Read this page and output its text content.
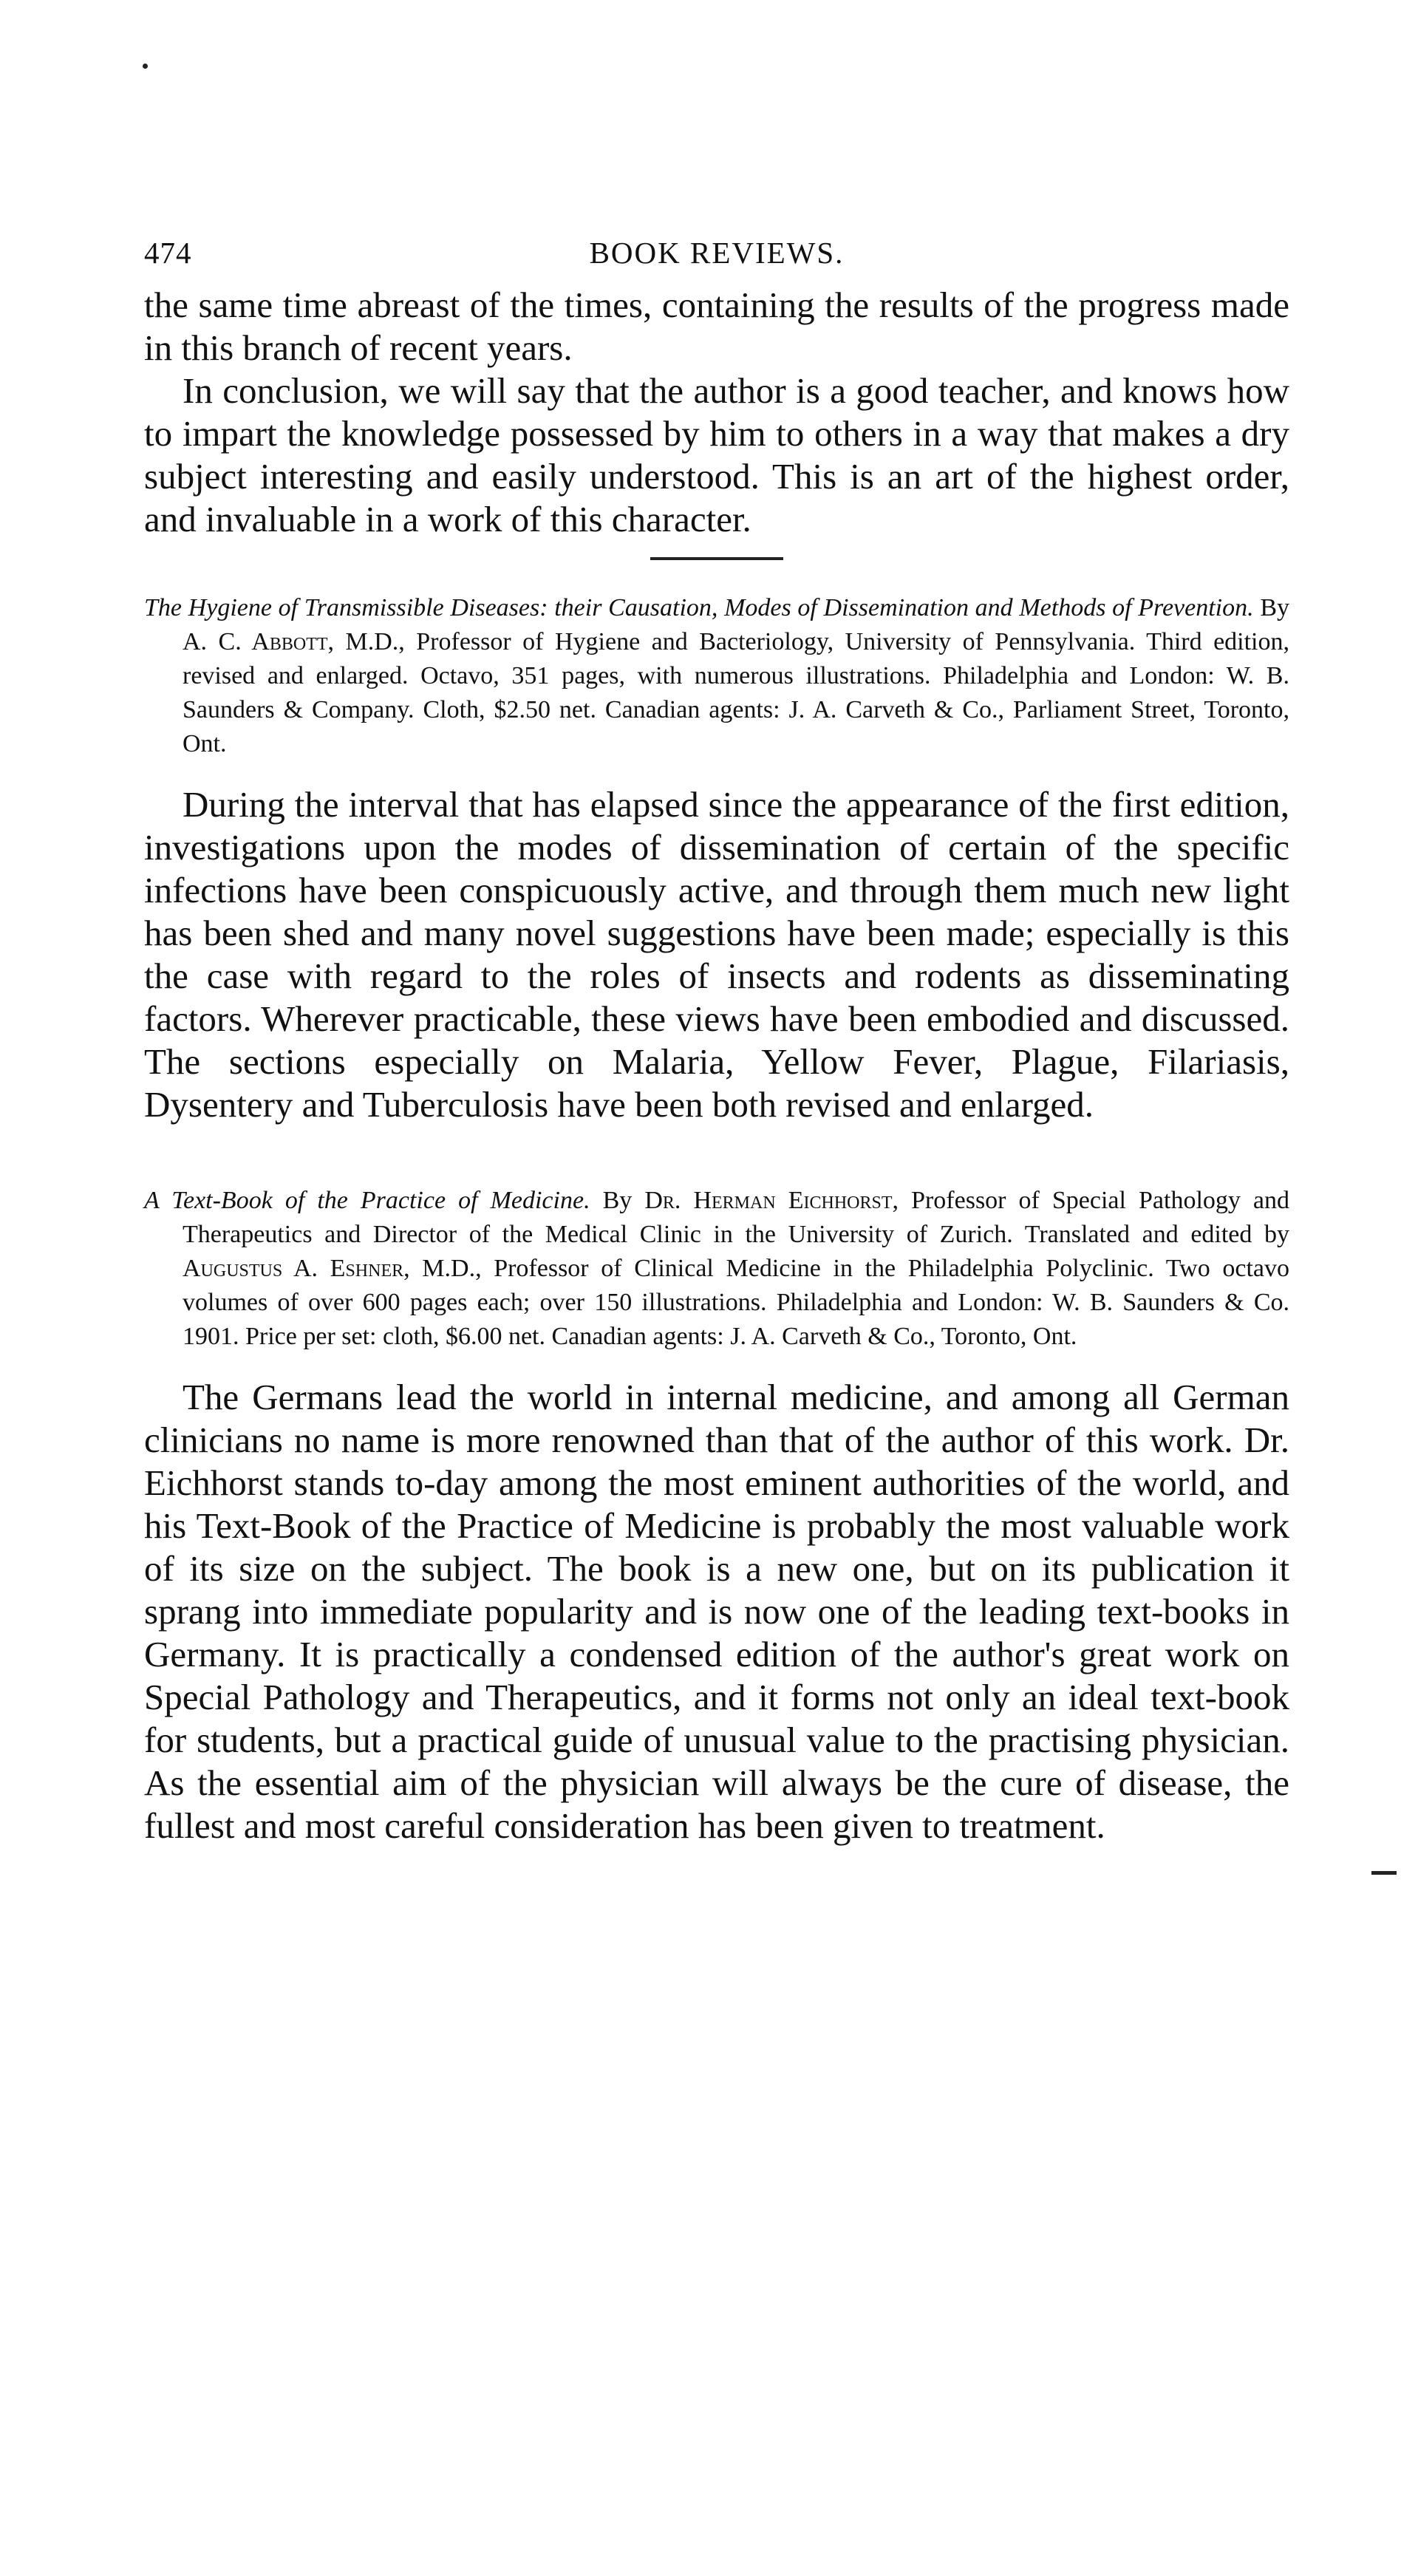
474	BOOK REVIEWS.

the same time abreast of the times, containing the results of the progress made in this branch of recent years.

In conclusion, we will say that the author is a good teacher, and knows how to impart the knowledge possessed by him to others in a way that makes a dry subject interesting and easily understood. This is an art of the highest order, and invaluable in a work of this character.

The Hygiene of Transmissible Diseases: their Causation, Modes of Dissemination and Methods of Prevention. By A. C. Abbott, M.D., Professor of Hygiene and Bacteriology, University of Pennsylvania. Third edition, revised and enlarged. Octavo, 351 pages, with numerous illustrations. Philadelphia and London: W. B. Saunders & Company. Cloth, $2.50 net. Canadian agents: J. A. Carveth & Co., Parliament Street, Toronto, Ont.

During the interval that has elapsed since the appearance of the first edition, investigations upon the modes of dissemination of certain of the specific infections have been conspicuously active, and through them much new light has been shed and many novel suggestions have been made; especially is this the case with regard to the roles of insects and rodents as disseminating factors. Wherever practicable, these views have been embodied and discussed. The sections especially on Malaria, Yellow Fever, Plague, Filariasis, Dysentery and Tuberculosis have been both revised and enlarged.

A Text-Book of the Practice of Medicine. By Dr. Herman Eichhorst, Professor of Special Pathology and Therapeutics and Director of the Medical Clinic in the University of Zurich. Translated and edited by Augustus A. Eshner, M.D., Professor of Clinical Medicine in the Philadelphia Polyclinic. Two octavo volumes of over 600 pages each; over 150 illustrations. Philadelphia and London: W. B. Saunders & Co. 1901. Price per set: cloth, $6.00 net. Canadian agents: J. A. Carveth & Co., Toronto, Ont.

The Germans lead the world in internal medicine, and among all German clinicians no name is more renowned than that of the author of this work. Dr. Eichhorst stands to-day among the most eminent authorities of the world, and his Text-Book of the Practice of Medicine is probably the most valuable work of its size on the subject. The book is a new one, but on its publication it sprang into immediate popularity and is now one of the leading text-books in Germany. It is practically a condensed edition of the author's great work on Special Pathology and Therapeutics, and it forms not only an ideal text-book for students, but a practical guide of unusual value to the practising physician. As the essential aim of the physician will always be the cure of disease, the fullest and most careful consideration has been given to treatment.
